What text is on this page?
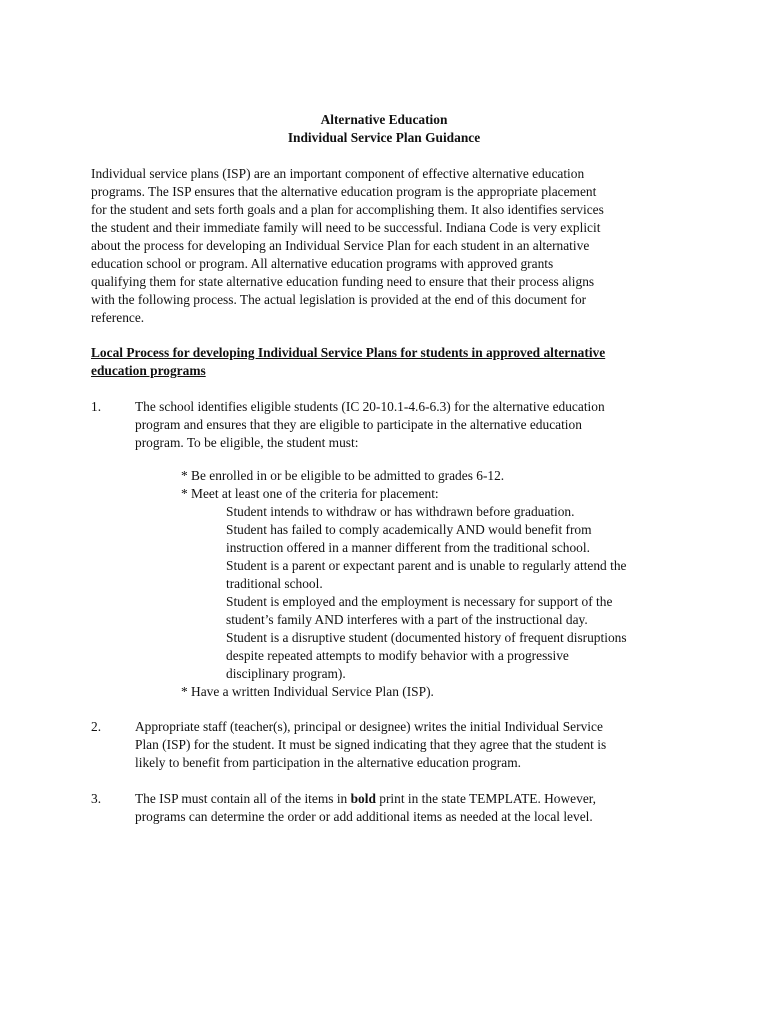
Alternative Education
Individual Service Plan Guidance
Individual service plans (ISP) are an important component of effective alternative education
programs. The ISP ensures that the alternative education program is the appropriate placement
for the student and sets forth goals and a plan for accomplishing them. It also identifies services
the student and their immediate family will need to be successful. Indiana Code is very explicit
about the process for developing an Individual Service Plan for each student in an alternative
education school or program. All alternative education programs with approved grants
qualifying them for state alternative education funding need to ensure that their process aligns
with the following process. The actual legislation is provided at the end of this document for
reference.
Local Process for developing Individual Service Plans for students in approved alternative
education programs
1.	The school identifies eligible students (IC 20-10.1-4.6-6.3) for the alternative education
program and ensures that they are eligible to participate in the alternative education
program. To be eligible, the student must:
* Be enrolled in or be eligible to be admitted to grades 6-12.
* Meet at least one of the criteria for placement:
Student intends to withdraw or has withdrawn before graduation.
Student has failed to comply academically AND would benefit from
instruction offered in a manner different from the traditional school.
Student is a parent or expectant parent and is unable to regularly attend the
traditional school.
Student is employed and the employment is necessary for support of the
student’s family AND interferes with a part of the instructional day.
Student is a disruptive student (documented history of frequent disruptions
despite repeated attempts to modify behavior with a progressive
disciplinary program).
* Have a written Individual Service Plan (ISP).
2.	Appropriate staff (teacher(s), principal or designee) writes the initial Individual Service
Plan (ISP) for the student. It must be signed indicating that they agree that the student is
likely to benefit from participation in the alternative education program.
3.	The ISP must contain all of the items in bold print in the state TEMPLATE. However,
programs can determine the order or add additional items as needed at the local level.
